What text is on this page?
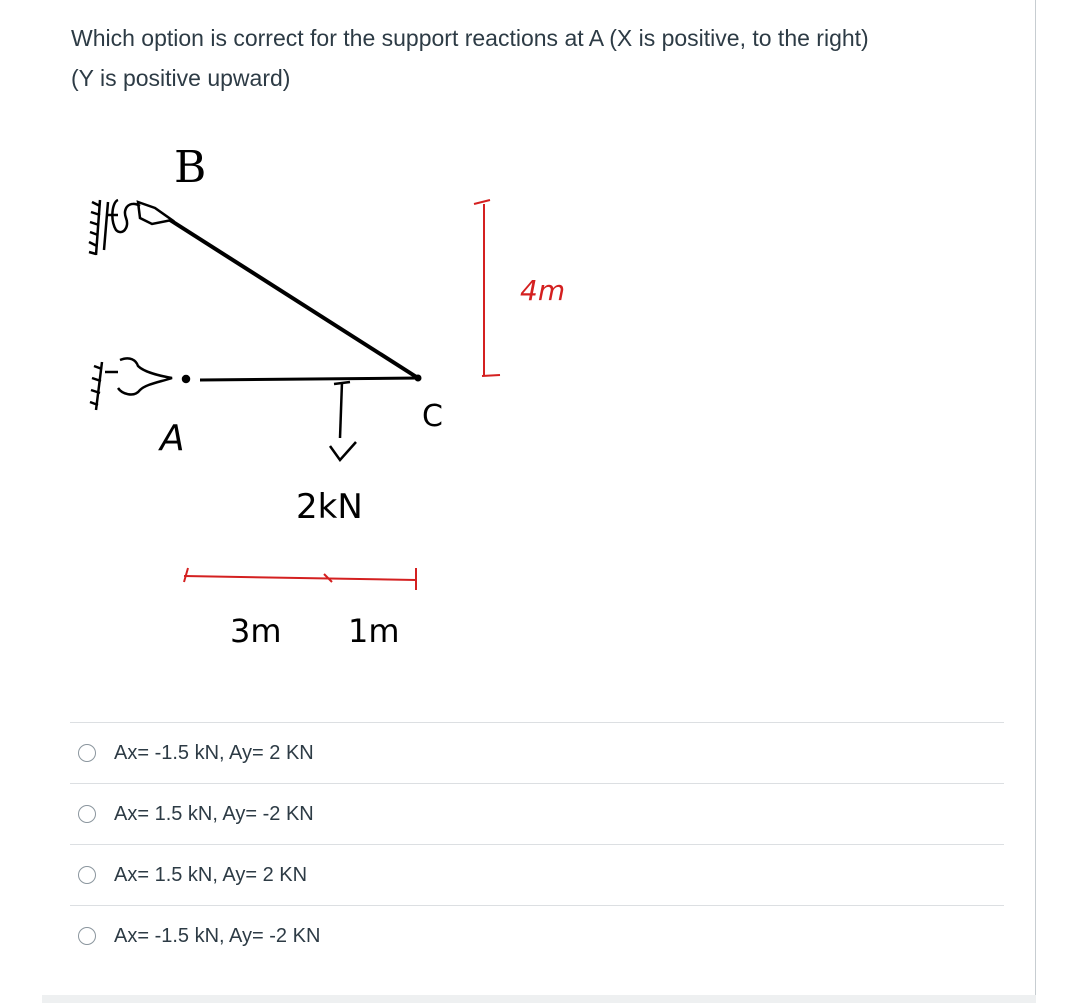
Which option is correct for the support reactions at A (X is positive, to the right)
(Y is positive upward)
B
A
C
2kN
4m
3m 1m
Ax= -1.5 kN, Ay= 2 KN
Ax= 1.5 kN, Ay= -2 KN
Ax= 1.5 kN, Ay= 2 KN
Ax= -1.5 kN, Ay= -2 KN
